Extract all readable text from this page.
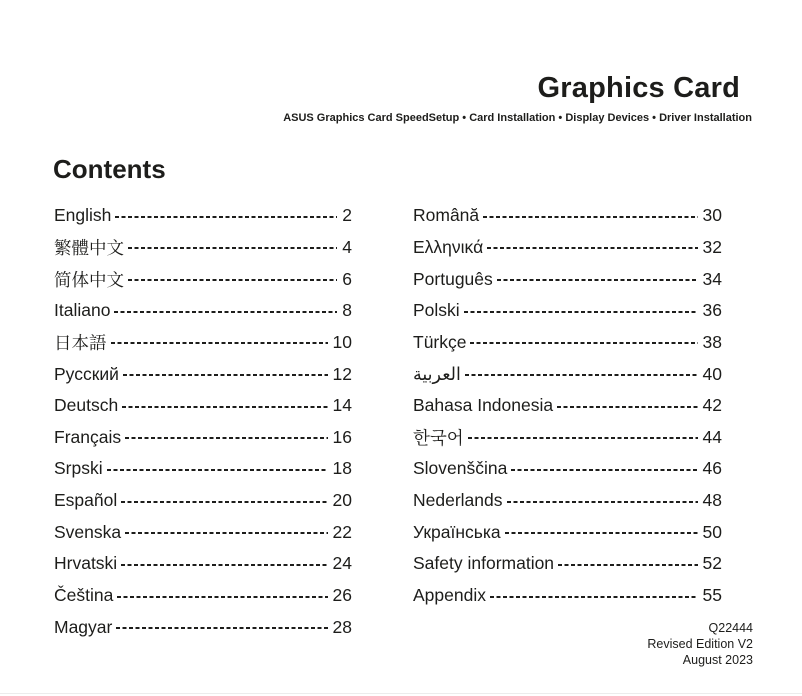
Graphics Card
ASUS Graphics Card SpeedSetup • Card Installation • Display Devices • Driver Installation
Contents
English	2
繁體中文	4
简体中文	6
Italiano	8
日本語	10
Русский	12
Deutsch	14
Français	16
Srpski	18
Español	20
Svenska	22
Hrvatski	24
Čeština	26
Magyar	28
Română	30
Ελληνικά	32
Português	34
Polski	36
Türkçe	38
العربية	40
Bahasa Indonesia	42
한국어	44
Slovenščina	46
Nederlands	48
Українська	50
Safety information	52
Appendix	55
Q22444
Revised Edition V2
August 2023
